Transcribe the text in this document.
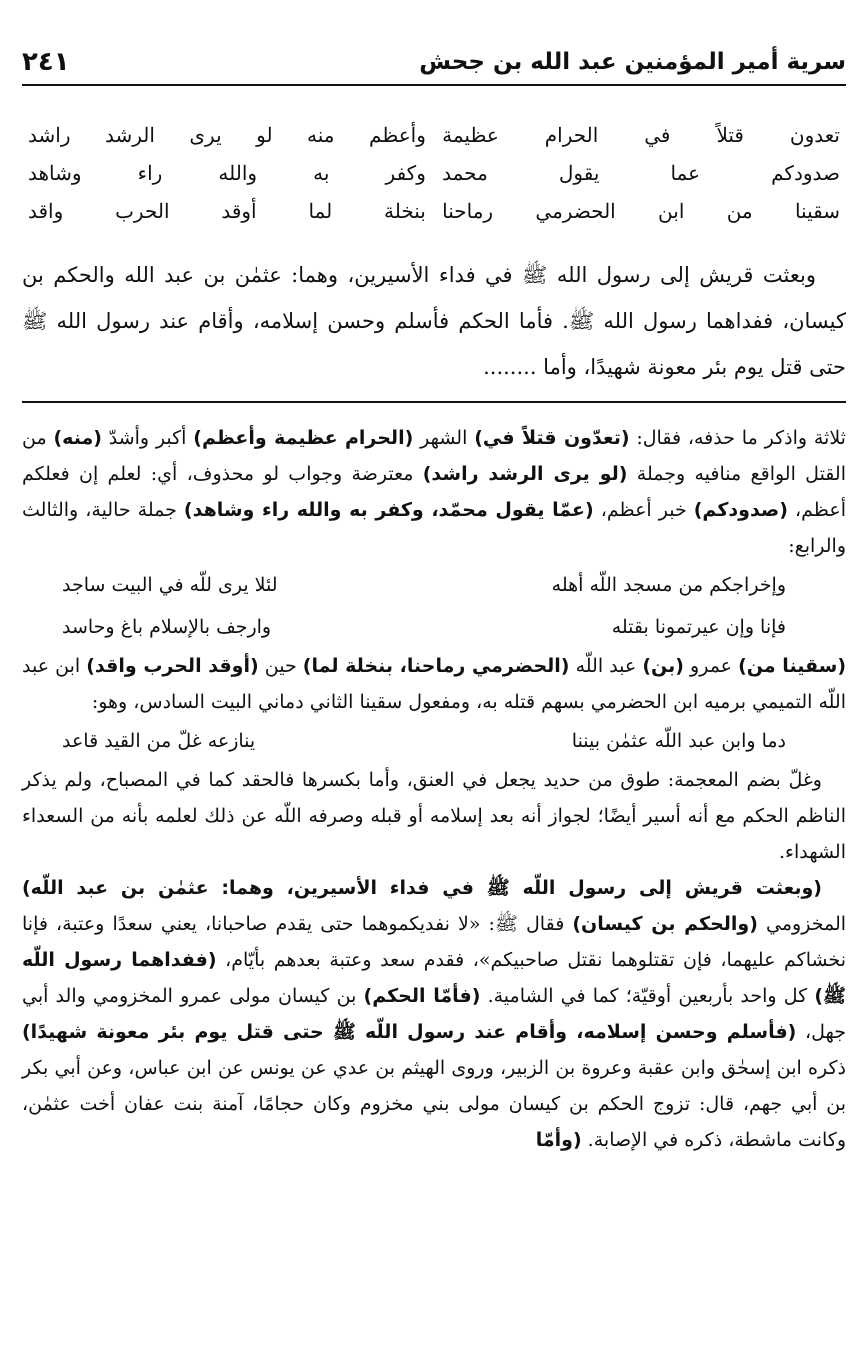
سرية أمير المؤمنين عبد الله بن جحش
٢٤١
تعدون قتلاً في الحرام عظيمة
وأعظم منه لو يرى الرشد راشد
صدودكم عما يقول محمد
وكفر به والله راء وشاهد
سقينا من ابن الحضرمي رماحنا
بنخلة لما أوقد الحرب واقد

وبعثت قريش إلى رسول الله ﷺ في فداء الأسيرين، وهما: عثمٰن بن عبد الله والحكم بن كيسان، ففداهما رسول الله ﷺ. فأما الحكم فأسلم وحسن إسلامه، وأقام عند رسول الله ﷺ حتى قتل يوم بئر معونة شهيدًا، وأما ........

ثلاثة واذكر ما حذفه، فقال: (تعدّون قتلاً في) الشهر (الحرام عظيمة وأعظم) أكبر وأشدّ (منه) من القتل الواقع منافيه وجملة (لو يرى الرشد راشد) معترضة وجواب لو محذوف، أي: لعلم إن فعلكم أعظم، (صدودكم) خبر أعظم، (عمّا يقول محمّد، وكفر به والله راء وشاهد) جملة حالية، والثالث والرابع:

وإخراجكم من مسجد اللّه أهله
لئلا يرى للّه في البيت ساجد
فإنا وإن عيرتمونا بقتله
وارجف بالإسلام باغ وحاسد

(سقينا من) عمرو (بن) عبد اللّه (الحضرمي رماحنا، بنخلة لما) حين (أوقد الحرب واقد) ابن عبد اللّه التميمي برميه ابن الحضرمي بسهم قتله به، ومفعول سقينا الثاني دماني البيت السادس، وهو:

دما وابن عبد اللّه عثمٰن بيننا
ينازعه غلّ من القيد قاعد

وغلّ بضم المعجمة: طوق من حديد يجعل في العنق، وأما بكسرها فالحقد كما في المصباح، ولم يذكر الناظم الحكم مع أنه أسير أيضًا؛ لجواز أنه بعد إسلامه أو قبله وصرفه اللّه عن ذلك لعلمه بأنه من السعداء الشهداء.

(وبعثت قريش إلى رسول اللّه ﷺ في فداء الأسيرين، وهما: عثمٰن بن عبد اللّه) المخزومي (والحكم بن كيسان) فقال ﷺ: «لا نفديكموهما حتى يقدم صاحبانا، يعني سعدًا وعتبة، فإنا نخشاكم عليهما، فإن تقتلوهما نقتل صاحبيكم»، فقدم سعد وعتبة بعدهم بأيّام، (ففداهما رسول اللّه ﷺ) كل واحد بأربعين أوقيّة؛ كما في الشامية. (فأمّا الحكم) بن كيسان مولى عمرو المخزومي والد أبي جهل، (فأسلم وحسن إسلامه، وأقام عند رسول اللّه ﷺ حتى قتل يوم بئر معونة شهيدًا) ذكره ابن إسحٰق وابن عقبة وعروة بن الزبير، وروى الهيثم بن عدي عن يونس عن ابن عباس، وعن أبي بكر بن أبي جهم، قال: تزوج الحكم بن كيسان مولى بني مخزوم وكان حجامًا، آمنة بنت عفان أخت عثمٰن، وكانت ماشطة، ذكره في الإصابة. (وأمّا
